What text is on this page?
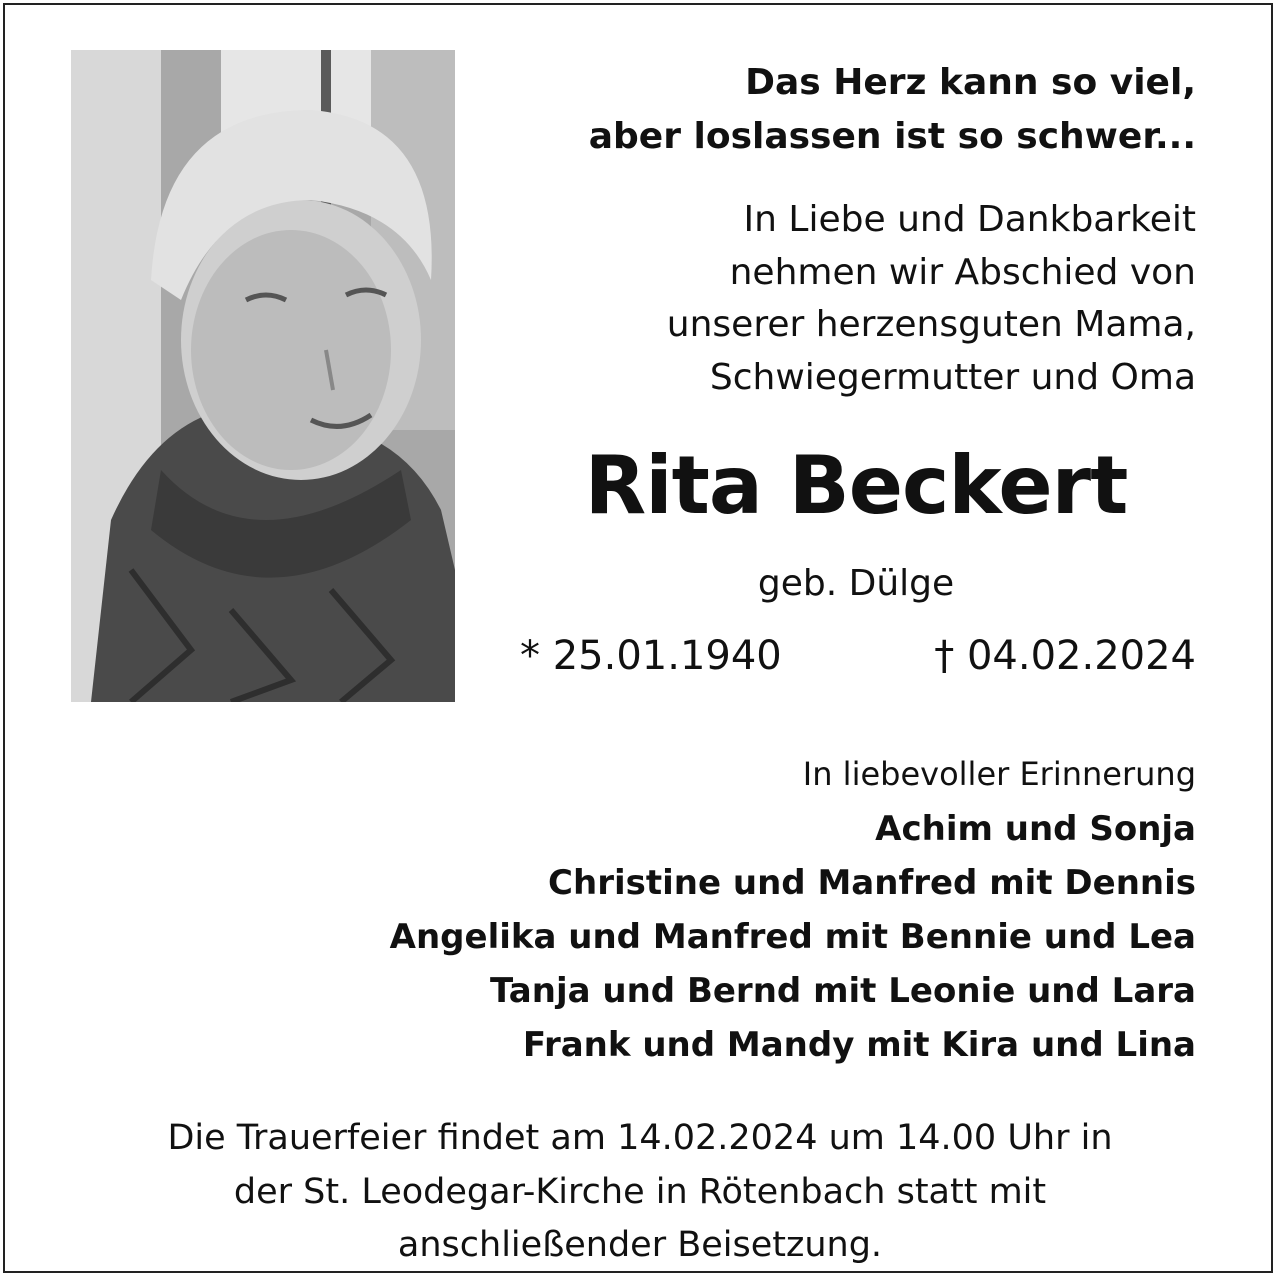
Das Herz kann so viel,
aber loslassen ist so schwer...
In Liebe und Dankbarkeit
nehmen wir Abschied von
unserer herzensguten Mama,
Schwiegermutter und Oma
Rita Beckert
geb. Dülge
* 25.01.1940	† 04.02.2024
In liebevoller Erinnerung
Achim und Sonja
Christine und Manfred mit Dennis
Angelika und Manfred mit Bennie und Lea
Tanja und Bernd mit Leonie und Lara
Frank und Mandy mit Kira und Lina
Die Trauerfeier findet am 14.02.2024 um 14.00 Uhr in
der St. Leodegar-Kirche in Rötenbach statt mit
anschließender Beisetzung.
